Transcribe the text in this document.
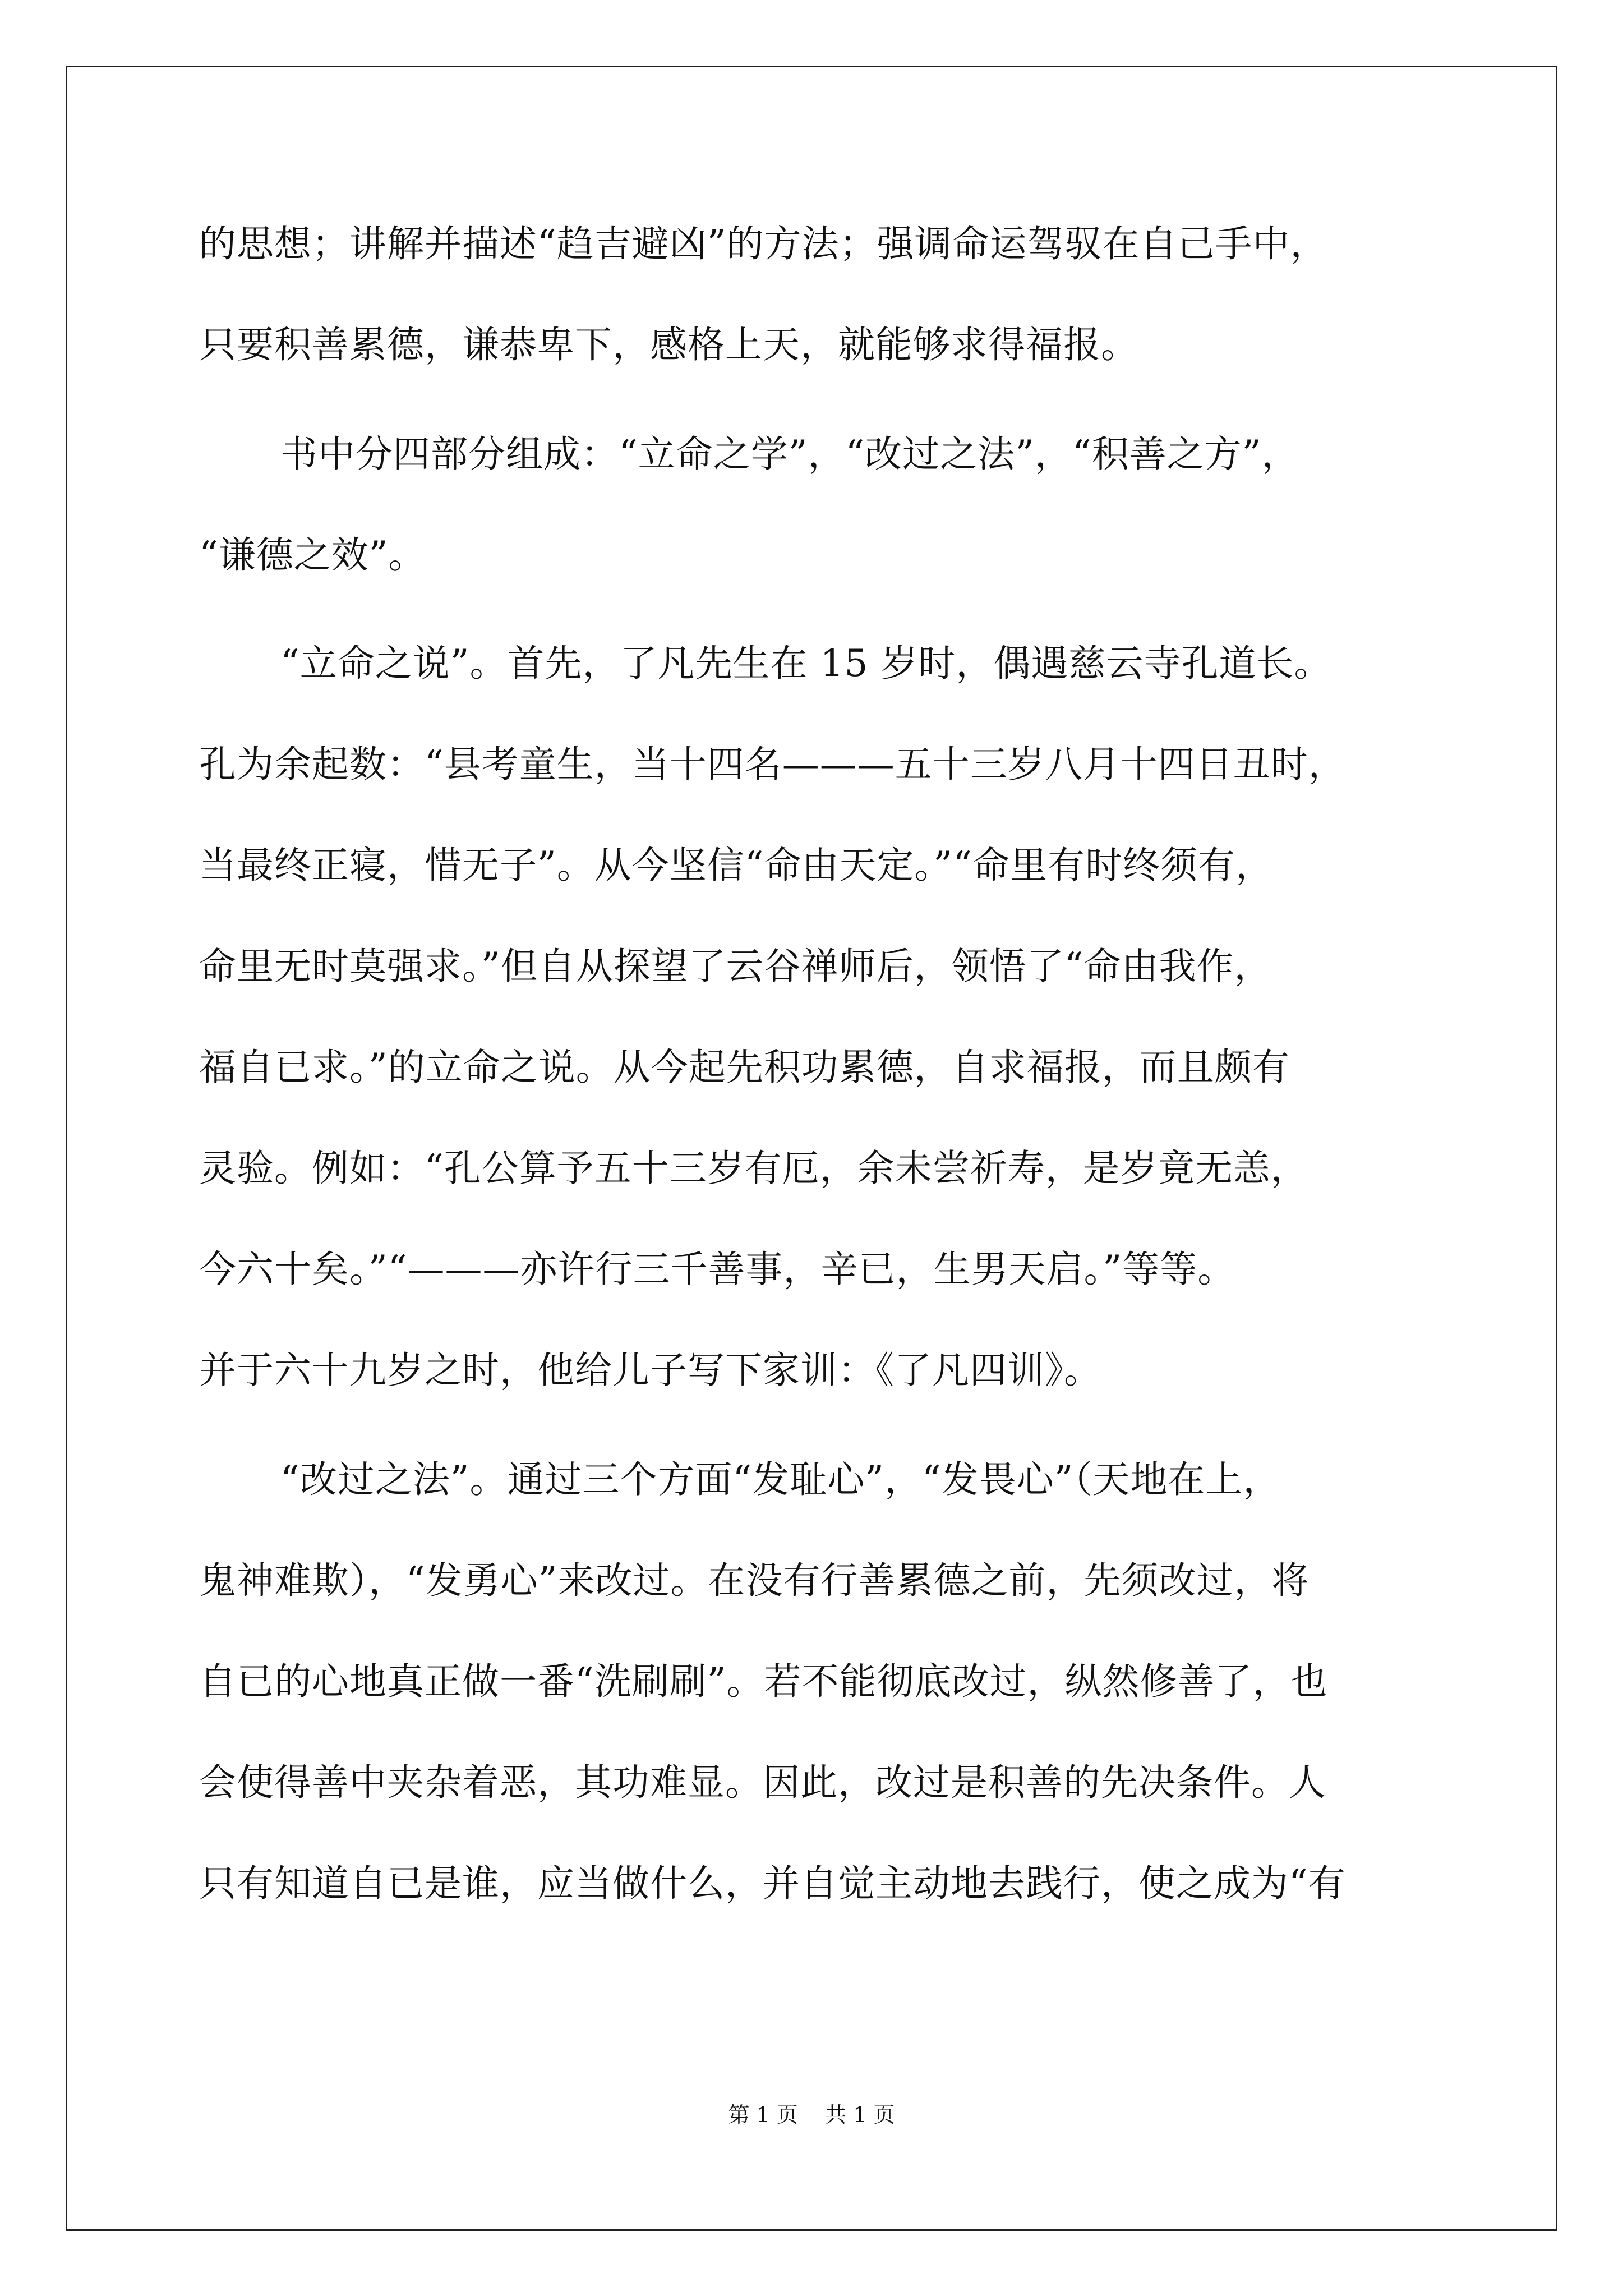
的思想；讲解并描述“趋吉避凶”的方法；强调命运驾驭在自己手中，
只要积善累德，谦恭卑下，感格上天，就能够求得福报。
书中分四部分组成：“立命之学”，“改过之法”，“积善之方”，
“谦德之效”。
“立命之说”。首先，了凡先生在 15 岁时，偶遇慈云寺孔道长。
孔为余起数：“县考童生，当十四名———五十三岁八月十四日丑时，
当最终正寝，惜无子”。从今坚信“命由天定。”“命里有时终须有，
命里无时莫强求。”但自从探望了云谷禅师后，领悟了“命由我作，
福自已求。”的立命之说。从今起先积功累德，自求福报，而且颇有
灵验。例如：“孔公算予五十三岁有厄，余未尝祈寿，是岁竟无恙，
今六十矣。”“———亦许行三千善事，辛已，生男天启。”等等。
并于六十九岁之时，他给儿子写下家训：《了凡四训》。
“改过之法”。通过三个方面“发耻心”，“发畏心”（天地在上，
鬼神难欺），“发勇心”来改过。在没有行善累德之前，先须改过，将
自已的心地真正做一番“洗刷刷”。若不能彻底改过，纵然修善了，也
会使得善中夹杂着恶，其功难显。因此，改过是积善的先决条件。人
只有知道自已是谁，应当做什么，并自觉主动地去践行，使之成为“有
第 1 页    共 1 页
